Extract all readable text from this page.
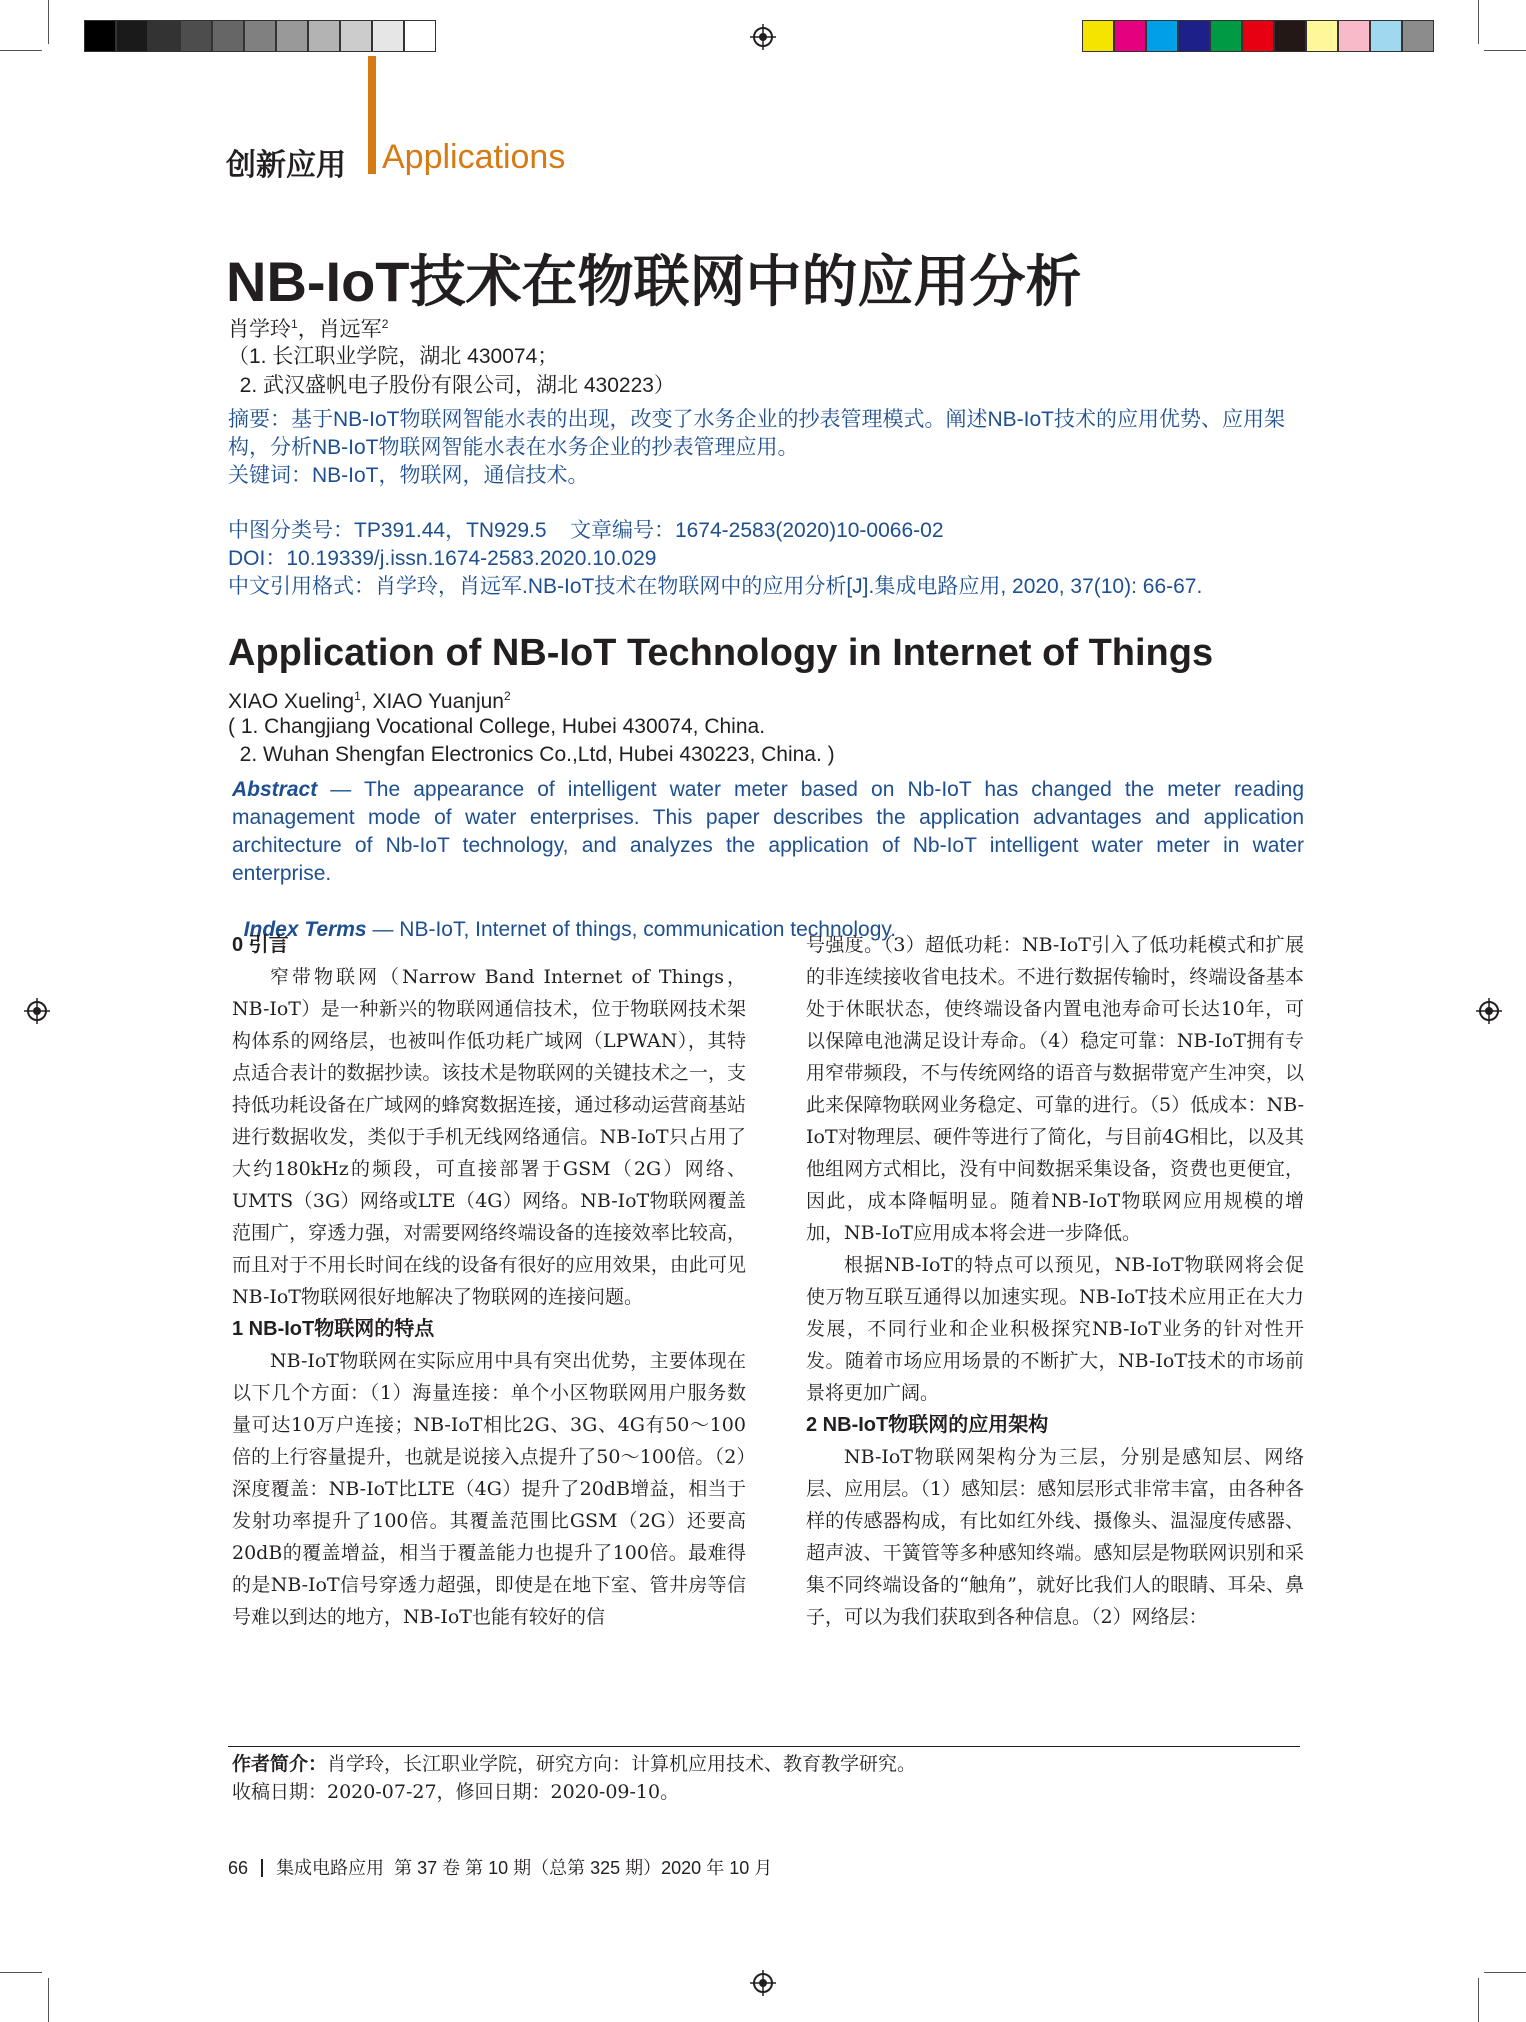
创新应用 Applications
NB-IoT技术在物联网中的应用分析
肖学玲$^1$，肖远军$^2$
（1. 长江职业学院，湖北 430074；
2. 武汉盛帆电子股份有限公司，湖北 430223）
摘要：基于NB-IoT物联网智能水表的出现，改变了水务企业的抄表管理模式。阐述NB-IoT技术的应用优势、应用架构，分析NB-IoT物联网智能水表在水务企业的抄表管理应用。
关键词：NB-IoT，物联网，通信技术。
中图分类号：TP391.44，TN929.5    文章编号：1674-2583(2020)10-0066-02
DOI：10.19339/j.issn.1674-2583.2020.10.029
中文引用格式：肖学玲，肖远军.NB-IoT技术在物联网中的应用分析[J].集成电路应用, 2020, 37(10): 66-67.
Application of NB-IoT Technology in Internet of Things
XIAO Xueling$^1$, XIAO Yuanjun$^2$
( 1. Changjiang Vocational College, Hubei 430074, China.
2. Wuhan Shengfan Electronics Co.,Ltd, Hubei 430223, China. )
Abstract — The appearance of intelligent water meter based on Nb-IoT has changed the meter reading management mode of water enterprises. This paper describes the application advantages and application architecture of Nb-IoT technology, and analyzes the application of Nb-IoT intelligent water meter in water enterprise.

Index Terms — NB-IoT, Internet of things, communication technology.

0 引言

窄带物联网（Narrow Band Internet of Things，NB-IoT）是一种新兴的物联网通信技术，位于物联网技术架构体系的网络层，也被叫作低功耗广域网（LPWAN），其特点适合表计的数据抄读。该技术是物联网的关键技术之一，支持低功耗设备在广域网的蜂窝数据连接，通过移动运营商基站进行数据收发，类似于手机无线网络通信。NB-IoT只占用了大约180kHz的频段，可直接部署于GSM（2G）网络、UMTS（3G）网络或LTE（4G）网络。NB-IoT物联网覆盖范围广，穿透力强，对需要网络终端设备的连接效率比较高，而且对于不用长时间在线的设备有很好的应用效果，由此可见NB-IoT物联网很好地解决了物联网的连接问题。

1 NB-IoT物联网的特点

NB-IoT物联网在实际应用中具有突出优势，主要体现在以下几个方面：（1）海量连接：单个小区物联网用户服务数量可达10万户连接；NB-IoT相比2G、3G、4G有50～100倍的上行容量提升，也就是说接入点提升了50～100倍。（2）深度覆盖：NB-IoT比LTE（4G）提升了20dB增益，相当于发射功率提升了100倍。其覆盖范围比GSM（2G）还要高20dB的覆盖增益，相当于覆盖能力也提升了100倍。最难得的是NB-IoT信号穿透力超强，即使是在地下室、管井房等信号难以到达的地方，NB-IoT也能有较好的信

号强度。（3）超低功耗：NB-IoT引入了低功耗模式和扩展的非连续接收省电技术。不进行数据传输时，终端设备基本处于休眠状态，使终端设备内置电池寿命可长达10年，可以保障电池满足设计寿命。（4）稳定可靠：NB-IoT拥有专用窄带频段，不与传统网络的语音与数据带宽产生冲突，以此来保障物联网业务稳定、可靠的进行。（5）低成本：NB-IoT对物理层、硬件等进行了简化，与目前4G相比，以及其他组网方式相比，没有中间数据采集设备，资费也更便宜，因此，成本降幅明显。随着NB-IoT物联网应用规模的增加，NB-IoT应用成本将会进一步降低。

根据NB-IoT的特点可以预见，NB-IoT物联网将会促使万物互联互通得以加速实现。NB-IoT技术应用正在大力发展，不同行业和企业积极探究NB-IoT业务的针对性开发。随着市场应用场景的不断扩大，NB-IoT技术的市场前景将更加广阔。

2 NB-IoT物联网的应用架构

NB-IoT物联网架构分为三层，分别是感知层、网络层、应用层。（1）感知层：感知层形式非常丰富，由各种各样的传感器构成，有比如红外线、摄像头、温湿度传感器、超声波、干簧管等多种感知终端。感知层是物联网识别和采集不同终端设备的“触角”，就好比我们人的眼睛、耳朵、鼻子，可以为我们获取到各种信息。（2）网络层：

作者简介：肖学玲，长江职业学院，研究方向：计算机应用技术、教育教学研究。
收稿日期：2020-07-27，修回日期：2020-09-10。
66 集成电路应用  第 37 卷 第 10 期（总第 325 期）2020 年 10 月
